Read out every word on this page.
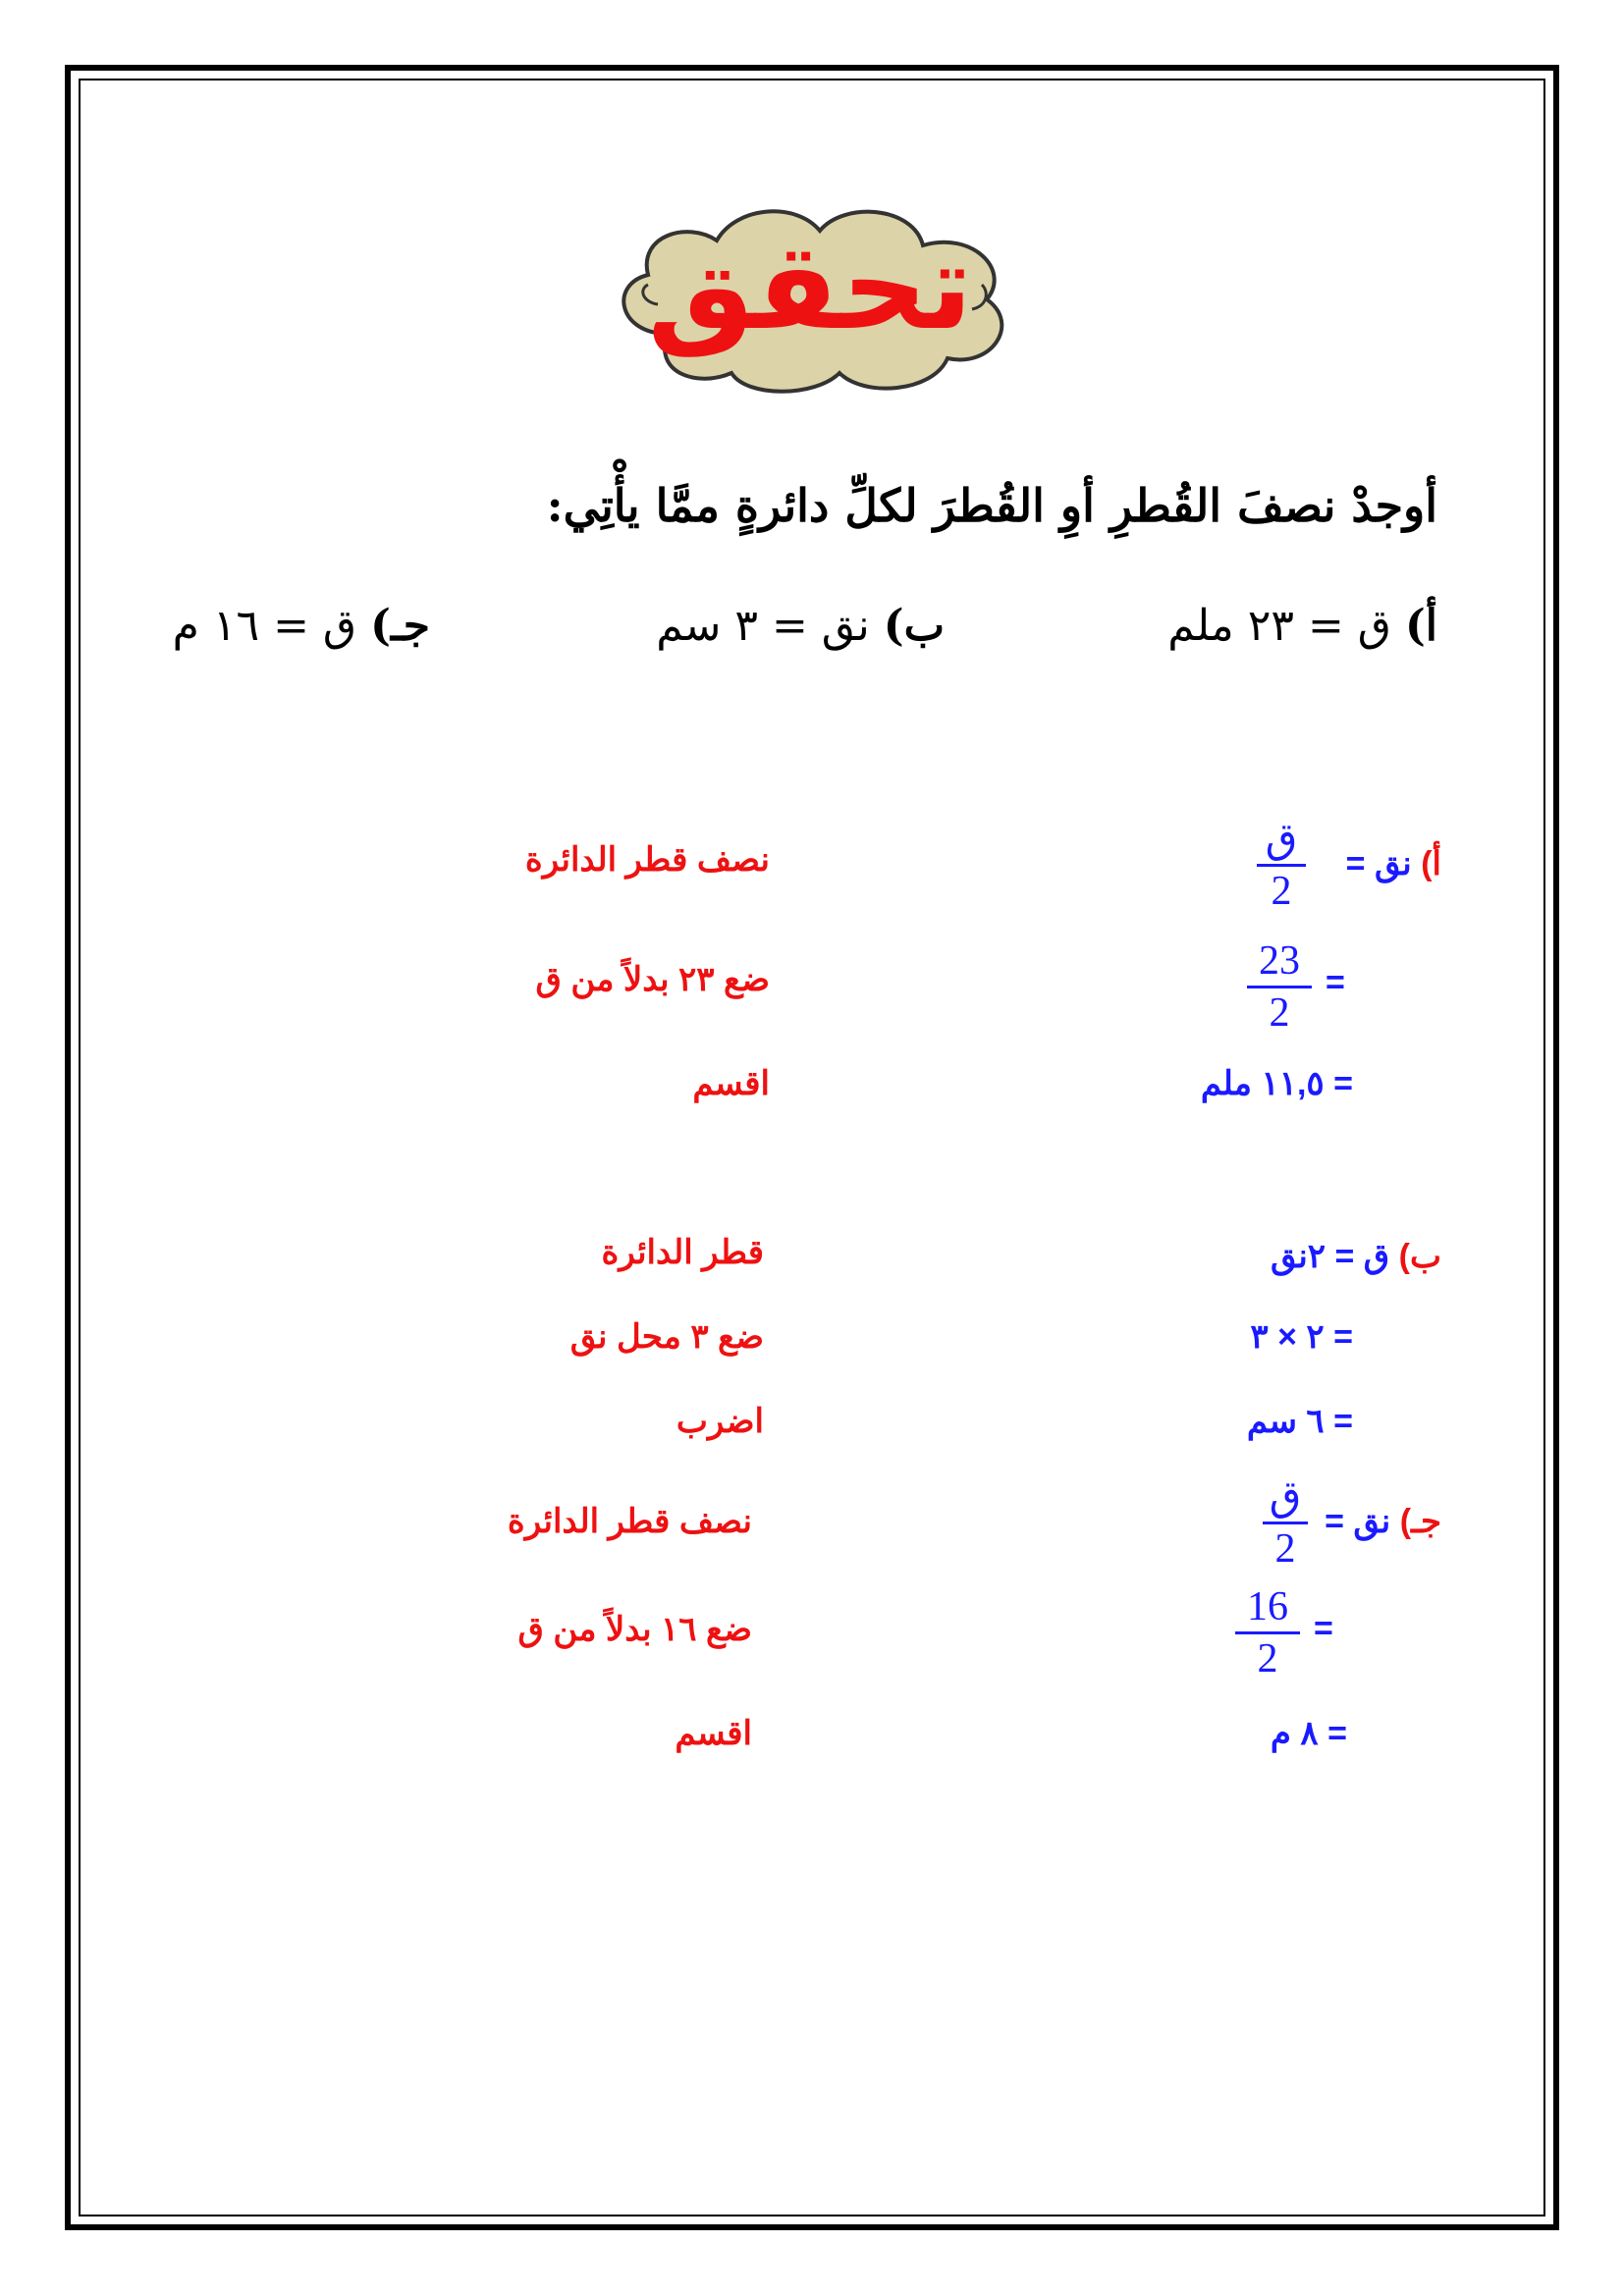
تحقق
أوجدْ نصفَ القُطرِ أوِ القُطرَ لكلِّ دائرةٍ ممَّا يأْتِي:
أ) ق = ٢٣ ملم
ب) نق = ٣ سم
جـ) ق = ١٦ م
أ) نق =
ق
2
23
2
=
= ١١,٥ ملم
نصف قطر الدائرة
ضع ٢٣ بدلاً من ق
اقسم
ب) ق = ٢نق
= ٢ × ٣
= ٦ سم
قطر الدائرة
ضع ٣ محل نق
اضرب
جـ) نق =
ق
2
16
2
=
= ٨ م
نصف قطر الدائرة
ضع ١٦ بدلاً من ق
اقسم
